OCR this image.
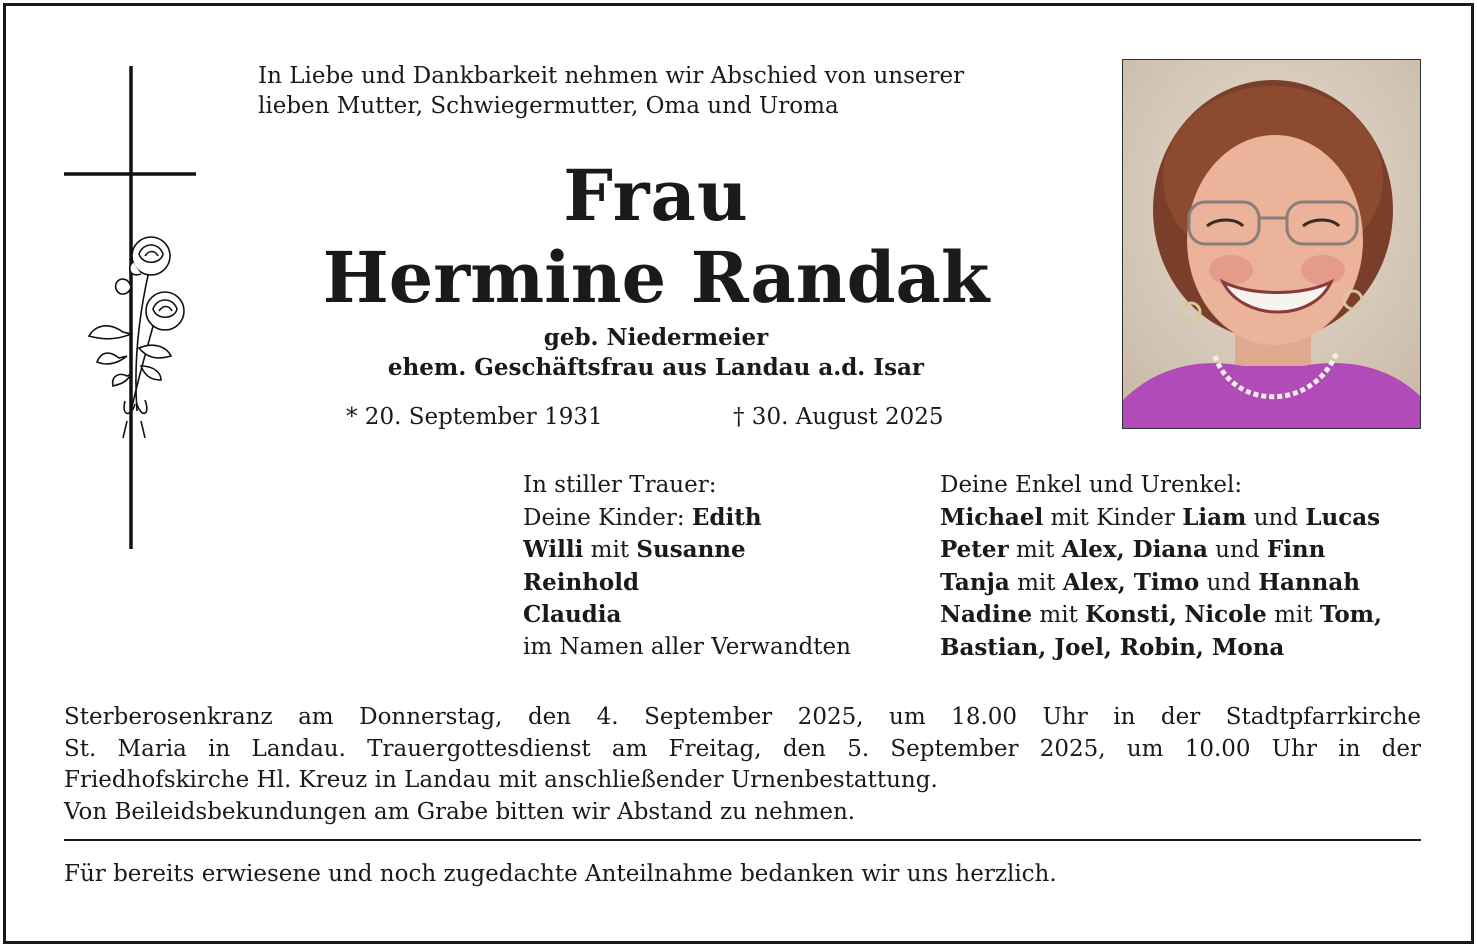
In Liebe und Dankbarkeit nehmen wir Abschied von unserer
lieben Mutter, Schwiegermutter, Oma und Uroma
Frau
Hermine Randak
geb. Niedermeier
ehem. Geschäftsfrau aus Landau a.d. Isar
* 20. September 1931	† 30. August 2025
In stiller Trauer:
Deine Kinder: Edith
Willi mit Susanne
Reinhold
Claudia
im Namen aller Verwandten
Deine Enkel und Urenkel:
Michael mit Kinder Liam und Lucas
Peter mit Alex, Diana und Finn
Tanja mit Alex, Timo und Hannah
Nadine mit Konsti, Nicole mit Tom,
Bastian, Joel, Robin, Mona
Sterberosenkranz am Donnerstag, den 4. September 2025, um 18.00 Uhr in der Stadtpfarrkirche
St. Maria in Landau. Trauergottesdienst am Freitag, den 5. September 2025, um 10.00 Uhr in der
Friedhofskirche Hl. Kreuz in Landau mit anschließender Urnenbestattung.
Von Beileidsbekundungen am Grabe bitten wir Abstand zu nehmen.
Für bereits erwiesene und noch zugedachte Anteilnahme bedanken wir uns herzlich.
